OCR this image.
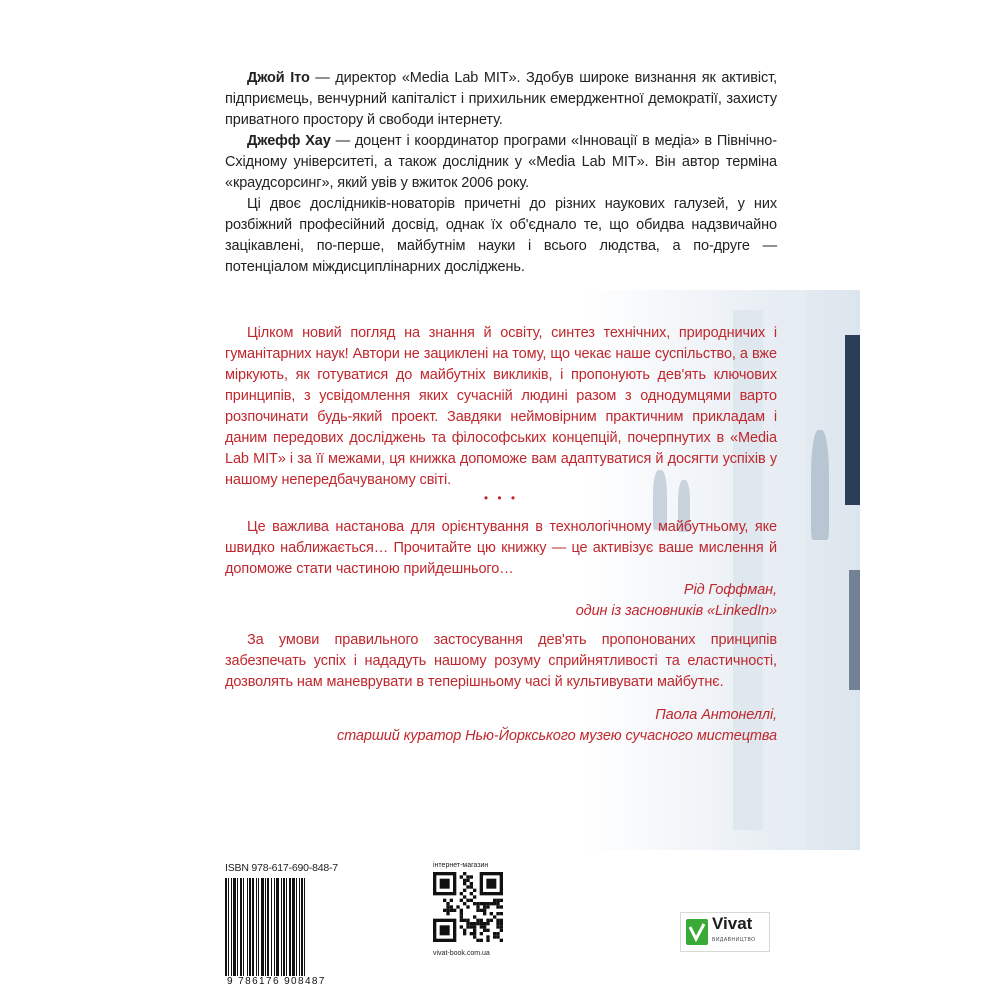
Джой Іто — директор «Media Lab MIT». Здобув широке визнання як активіст, підприємець, венчурний капіталіст і прихильник емерджентної демократії, захисту приватного простору й свободи інтернету.

Джефф Хау — доцент і координатор програми «Інновації в медіа» в Північно-Східному університеті, а також дослідник у «Media Lab MIT». Він автор терміна «краудсорсинг», який увів у вжиток 2006 року.

Ці двоє дослідників-новаторів причетні до різних наукових галузей, у них розбіжний професійний досвід, однак їх об'єднало те, що обидва надзвичайно зацікавлені, по-перше, майбутнім науки і всього людства, а по-друге — потенціалом міждисциплінарних досліджень.

Цілком новий погляд на знання й освіту, синтез технічних, природничих і гуманітарних наук! Автори не зациклені на тому, що чекає наше суспільство, а вже міркують, як готуватися до майбутніх викликів, і пропонують дев'ять ключових принципів, з усвідомлення яких сучасній людині разом з однодумцями варто розпочинати будь-який проект. Завдяки неймовірним практичним прикладам і даним передових досліджень та філософських концепцій, почерпнутих в «Media Lab MIT» і за її межами, ця книжка допоможе вам адаптуватися й досягти успіхів у нашому непередбачуваному світі.

• • •

Це важлива настанова для орієнтування в технологічному майбутньому, яке швидко наближається… Прочитайте цю книжку — це активізує ваше мислення й допоможе стати частиною прийдешнього…

Рід Гоффман,

один із засновників «LinkedIn»

За умови правильного застосування дев'ять пропонованих принципів забезпечать успіх і нададуть нашому розуму сприйнятливості та еластичності, дозволять нам маневрувати в теперішньому часі й культивувати майбутнє.

Паола Антонеллі,

старший куратор Нью-Йоркського музею сучасного мистецтва

ISBN 978-617-690-848-7
9 786176 908487
інтернет-магазин
vivat-book.com.ua
Vivat
ВИДАВНИЦТВО
